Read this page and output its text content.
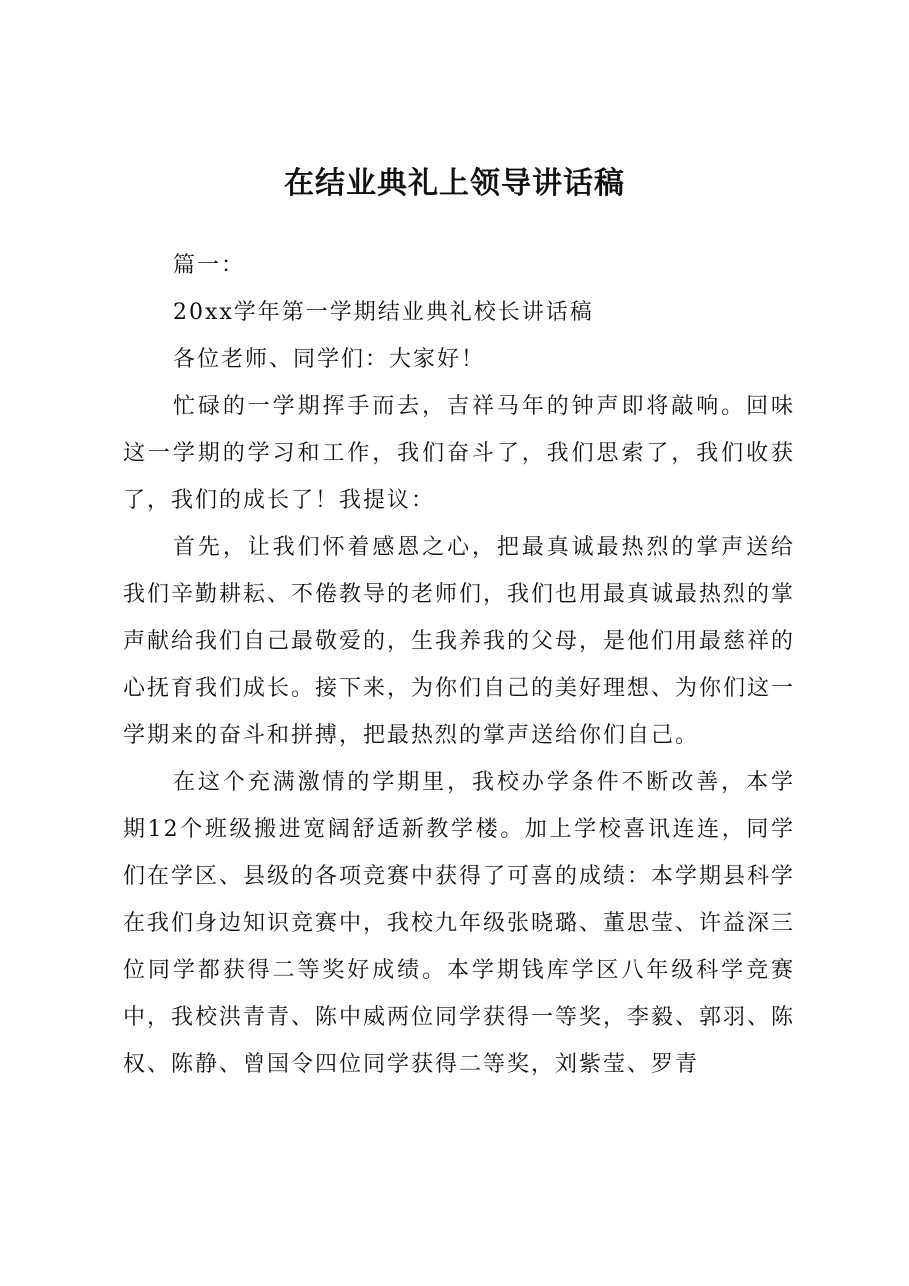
在结业典礼上领导讲话稿

篇一：

20xx学年第一学期结业典礼校长讲话稿

各位老师、同学们：大家好！

忙碌的一学期挥手而去，吉祥马年的钟声即将敲响。回味这一学期的学习和工作，我们奋斗了，我们思索了，我们收获了，我们的成长了！我提议：

首先，让我们怀着感恩之心，把最真诚最热烈的掌声送给我们辛勤耕耘、不倦教导的老师们，我们也用最真诚最热烈的掌声献给我们自己最敬爱的，生我养我的父母，是他们用最慈祥的心抚育我们成长。接下来，为你们自己的美好理想、为你们这一学期来的奋斗和拼搏，把最热烈的掌声送给你们自己。

在这个充满激情的学期里，我校办学条件不断改善，本学期12个班级搬进宽阔舒适新教学楼。加上学校喜讯连连，同学们在学区、县级的各项竞赛中获得了可喜的成绩：本学期县科学在我们身边知识竞赛中，我校九年级张晓璐、董思莹、许益深三位同学都获得二等奖好成绩。本学期钱库学区八年级科学竞赛中，我校洪青青、陈中威两位同学获得一等奖，李毅、郭羽、陈权、陈静、曾国令四位同学获得二等奖，刘紫莹、罗青
